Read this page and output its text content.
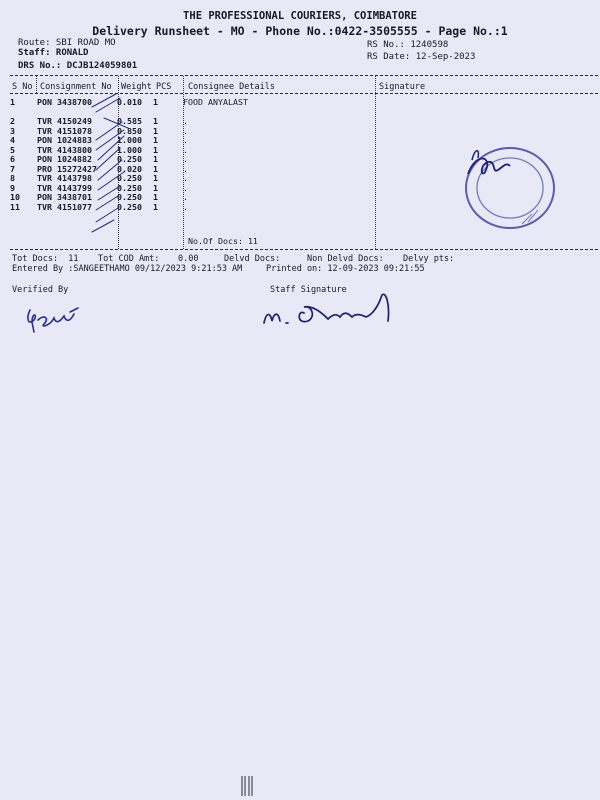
THE PROFESSIONAL COURIERS, COIMBATORE
Delivery Runsheet - MO - Phone No.:0422-3505555 - Page No.:1
Route: SBI ROAD MO
Staff: RONALD
DRS No.: DCJB124059801
RS No.: 1240598
RS Date: 12-Sep-2023
S No Consignment No Weight PCS Consignee Details	Signature
1	PON 3438700	0.010	1	FOOD ANYALAST

2	TVR 4150249	0.585	1	.
3	TVR 4151078	0.850	1	.
4	PON 1024883	1.000	1	.
5	TVR 4143800	1.000	1	.
6	PON 1024882	0.250	1	.
7	PRO 15272427	0.020	1	.
8	TVR 4143798	0.250	1	.
9	TVR 4143799	0.250	1	.
10	PON 3438701	0.250	1	.
11	TVR 4151077	0.250	1	.
No.Of Docs: 11
Tot Docs:  11 Tot COD Amt: 0.00	Delvd Docs:	Non Delvd Docs: Delvy pts:
Entered By :SANGEETHAMO 09/12/2023 9:21:53 AM	Printed on: 12-09-2023 09:21:55
Verified By	Staff Signature
